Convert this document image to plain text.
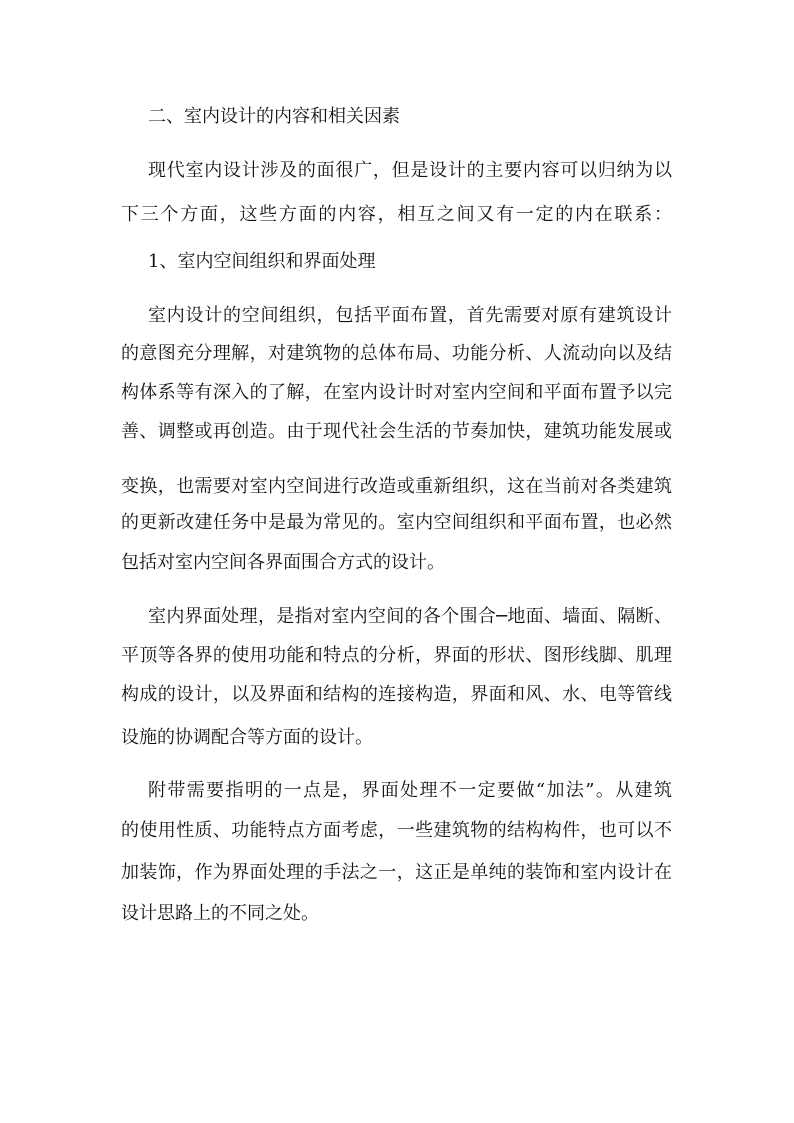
二、室内设计的内容和相关因素
现代室内设计涉及的面很广，但是设计的主要内容可以归纳为以
下三个方面，这些方面的内容，相互之间又有一定的内在联系：
1、室内空间组织和界面处理
室内设计的空间组织，包括平面布置，首先需要对原有建筑设计
的意图充分理解，对建筑物的总体布局、功能分析、人流动向以及结
构体系等有深入的了解，在室内设计时对室内空间和平面布置予以完
善、调整或再创造。由于现代社会生活的节奏加快，建筑功能发展或
变换，也需要对室内空间进行改造或重新组织，这在当前对各类建筑
的更新改建任务中是最为常见的。室内空间组织和平面布置，也必然
包括对室内空间各界面围合方式的设计。
室内界面处理，是指对室内空间的各个围合─地面、墙面、隔断、
平顶等各界的使用功能和特点的分析，界面的形状、图形线脚、肌理
构成的设计，以及界面和结构的连接构造，界面和风、水、电等管线
设施的协调配合等方面的设计。
附带需要指明的一点是，界面处理不一定要做“加法”。从建筑
的使用性质、功能特点方面考虑，一些建筑物的结构构件，也可以不
加装饰，作为界面处理的手法之一，这正是单纯的装饰和室内设计在
设计思路上的不同之处。
